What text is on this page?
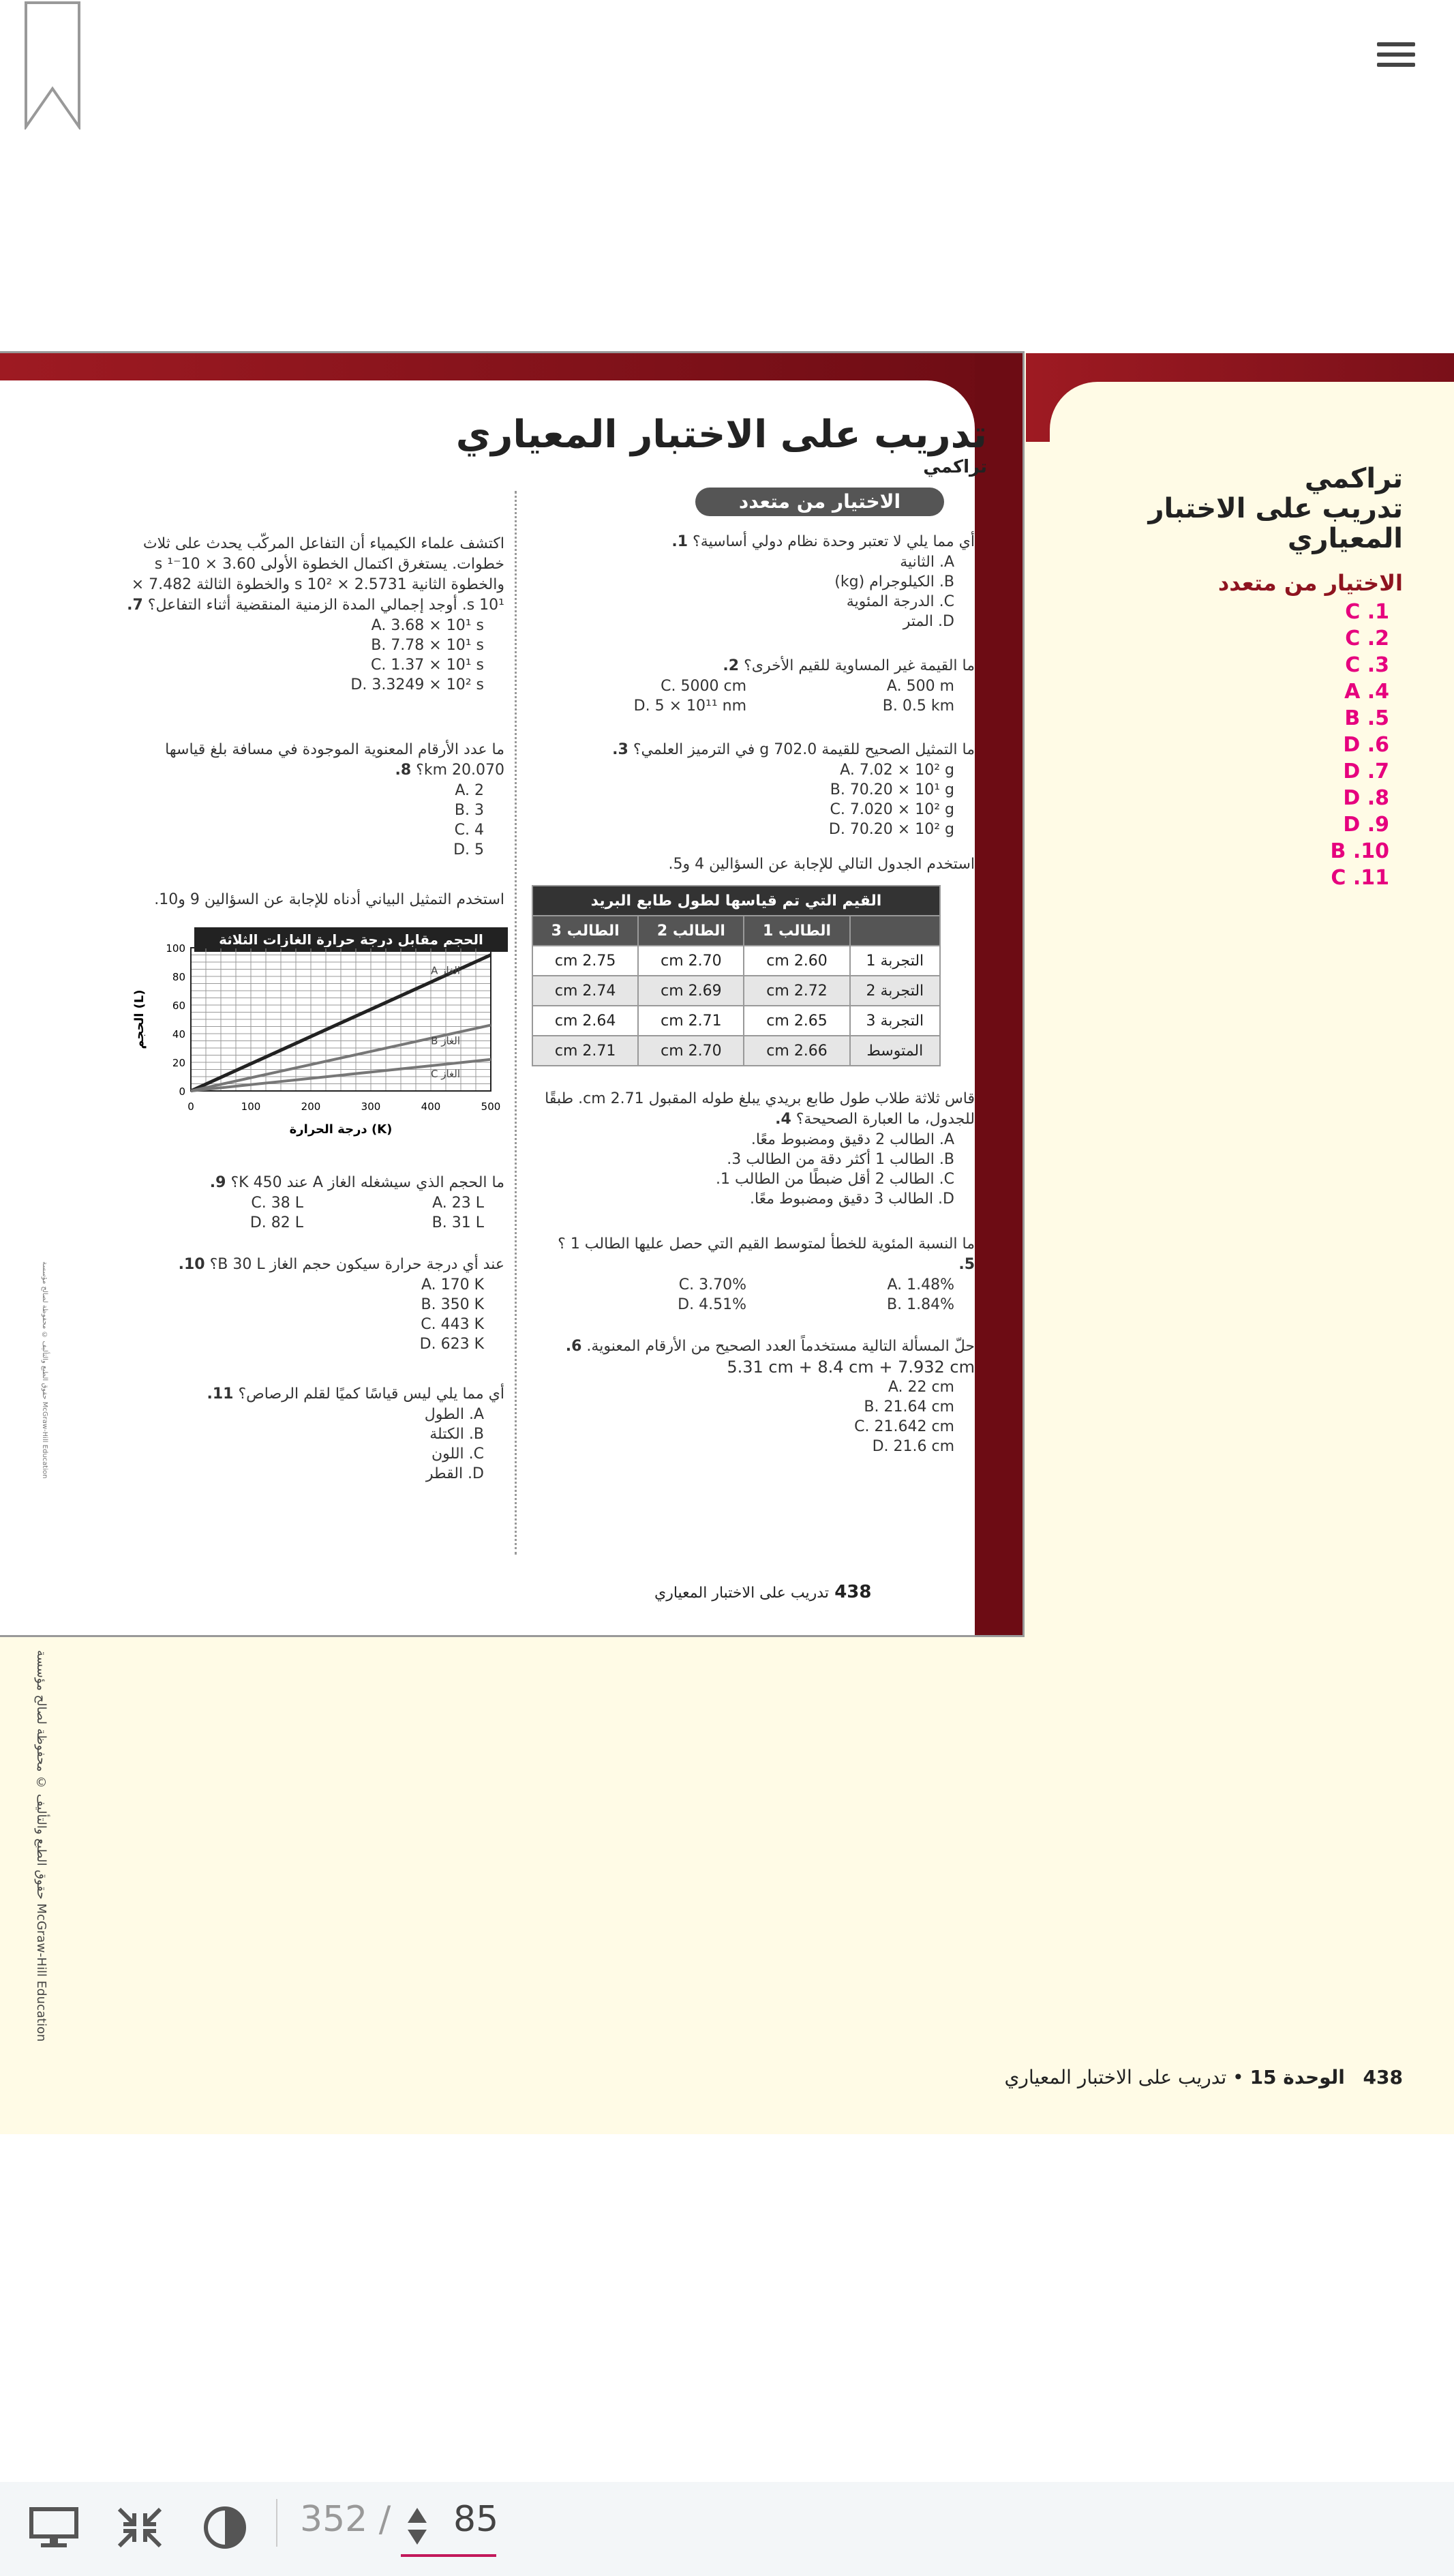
تدريب على الاختبار المعياري
تراكمي
الاختيار من متعدد
أي مما يلي لا تعتبر وحدة نظام دولي أساسية؟ 1.
A. الثانية
B. الكيلوجرام (kg)
C. الدرجة المئوية
D. المتر
ما القيمة غير المساوية للقيم الأخرى؟ 2.
A. 500 m
C. 5000 cm
B. 0.5 km
D. 5 × 10¹¹ nm
ما التمثيل الصحيح للقيمة 702.0 g في الترميز العلمي؟ 3.
A. 7.02 × 10² g
B. 70.20 × 10¹ g
C. 7.020 × 10² g
D. 70.20 × 10² g
استخدم الجدول التالي للإجابة عن السؤالين 4 و5.
القيم التي تم قياسها لطول طابع البريد			
	الطالب 1	الطالب 2	الطالب 3
التجربة 1	2.60 cm	2.70 cm	2.75 cm
التجربة 2	2.72 cm	2.69 cm	2.74 cm
التجربة 3	2.65 cm	2.71 cm	2.64 cm
المتوسط	2.66 cm	2.70 cm	2.71 cm
قاس ثلاثة طلاب طول طابع بريدي يبلغ طوله المقبول 2.71 cm. طبقًا للجدول، ما العبارة الصحيحة؟ 4.
A. الطالب 2 دقيق ومضبوط معًا.
B. الطالب 1 أكثر دقة من الطالب 3.
C. الطالب 2 أقل ضبطًا من الطالب 1.
D. الطالب 3 دقيق ومضبوط معًا.
ما النسبة المئوية للخطأ لمتوسط القيم التي حصل عليها الطالب 1 ؟ 5.
A. 1.48%
C. 3.70%
B. 1.84%
D. 4.51%
حلّ المسألة التالية مستخدماً العدد الصحيح من الأرقام المعنوية. 6.
5.31 cm + 8.4 cm + 7.932 cm
A. 22 cm
B. 21.64 cm
C. 21.642 cm
D. 21.6 cm
اكتشف علماء الكيمياء أن التفاعل المركّب يحدث على ثلاث خطوات. يستغرق اكتمال الخطوة الأولى 3.60 × 10⁻¹ s والخطوة الثانية 2.5731 × 10² s والخطوة الثالثة 7.482 × 10¹ s. أوجد إجمالي المدة الزمنية المنقضية أثناء التفاعل؟ 7.
A. 3.68 × 10¹ s
B. 7.78 × 10¹ s
C. 1.37 × 10¹ s
D. 3.3249 × 10² s
ما عدد الأرقام المعنوية الموجودة في مسافة بلغ قياسها 20.070 km؟ 8.
A. 2
B. 3
C. 4
D. 5
استخدم التمثيل البياني أدناه للإجابة عن السؤالين 9 و10.
الحجم مقابل درجة حرارة الغازات الثلاثة
0
20
40
60
80
100
0	100	200	300	400	500
الغاز A
الغاز B
الغاز C
درجة الحرارة (K)
الحجم (L)
ما الحجم الذي سيشغله الغاز A عند 450 K؟ 9.
A. 23 L
C. 38 L
B. 31 L
D. 82 L
عند أي درجة حرارة سيكون حجم الغاز B 30 L؟ 10.
A. 170 K
B. 350 K
C. 443 K
D. 623 K
أي مما يلي ليس قياسًا كميًا لقلم الرصاص؟ 11.
A. الطول
B. الكتلة
C. اللون
D. القطر
438 تدريب على الاختبار المعياري
حقوق الطبع والتأليف © محفوظة لصالح مؤسسة McGraw-Hill Education
تراكمي
تدريب على الاختبار
المعياري
الاختيار من متعدد
C .1
C .2
C .3
A .4
B .5
D .6
D .7
D .8
D .9
B .10
C .11
438   الوحدة 15 • تدريب على الاختبار المعياري
حقوق الطبع والتأليف © محفوظة لصالح مؤسسة McGraw-Hill Education
352 / 85
